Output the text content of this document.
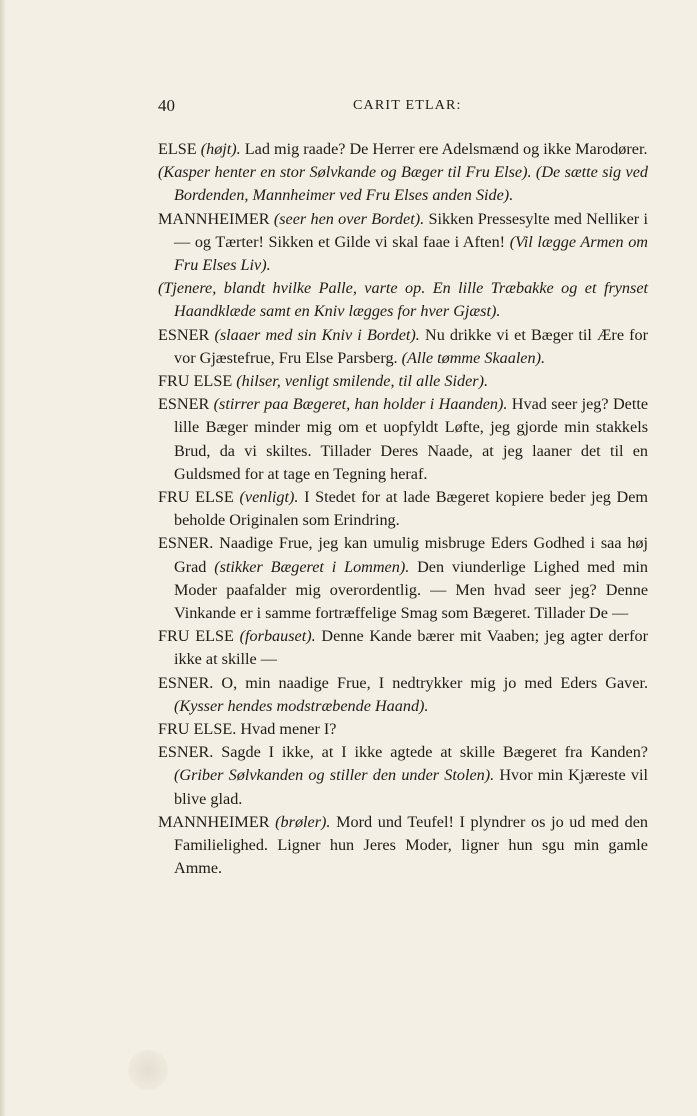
40	CARIT ETLAR:

ELSE (højt). Lad mig raade? De Herrer ere Adelsmænd og ikke Marodører.

(Kasper henter en stor Sølvkande og Bæger til Fru Else). (De sætte sig ved Bordenden, Mannheimer ved Fru Elses anden Side).

MANNHEIMER (seer hen over Bordet). Sikken Pressesylte med Nelliker i — og Tærter! Sikken et Gilde vi skal faae i Aften! (Vil lægge Armen om Fru Elses Liv).

(Tjenere, blandt hvilke Palle, varte op. En lille Træbakke og et frynset Haandklæde samt en Kniv lægges for hver Gjæst).

ESNER (slaaer med sin Kniv i Bordet). Nu drikke vi et Bæger til Ære for vor Gjæstefrue, Fru Else Parsberg. (Alle tømme Skaalen).

FRU ELSE (hilser, venligt smilende, til alle Sider).

ESNER (stirrer paa Bægeret, han holder i Haanden). Hvad seer jeg? Dette lille Bæger minder mig om et uopfyldt Løfte, jeg gjorde min stakkels Brud, da vi skiltes. Tillader Deres Naade, at jeg laaner det til en Guldsmed for at tage en Tegning heraf.

FRU ELSE (venligt). I Stedet for at lade Bægeret kopiere beder jeg Dem beholde Originalen som Erindring.

ESNER. Naadige Frue, jeg kan umulig misbruge Eders Godhed i saa høj Grad (stikker Bægeret i Lommen). Den viunderlige Lighed med min Moder paafalder mig overordentlig. — Men hvad seer jeg? Denne Vinkande er i samme fortræffelige Smag som Bægeret. Tillader De —

FRU ELSE (forbauset). Denne Kande bærer mit Vaaben; jeg agter derfor ikke at skille —

ESNER. O, min naadige Frue, I nedtrykker mig jo med Eders Gaver. (Kysser hendes modstræbende Haand).

FRU ELSE. Hvad mener I?

ESNER. Sagde I ikke, at I ikke agtede at skille Bægeret fra Kanden? (Griber Sølvkanden og stiller den under Stolen). Hvor min Kjæreste vil blive glad.

MANNHEIMER (brøler). Mord und Teufel! I plyndrer os jo ud med den Familielighed. Ligner hun Jeres Moder, ligner hun sgu min gamle Amme.
